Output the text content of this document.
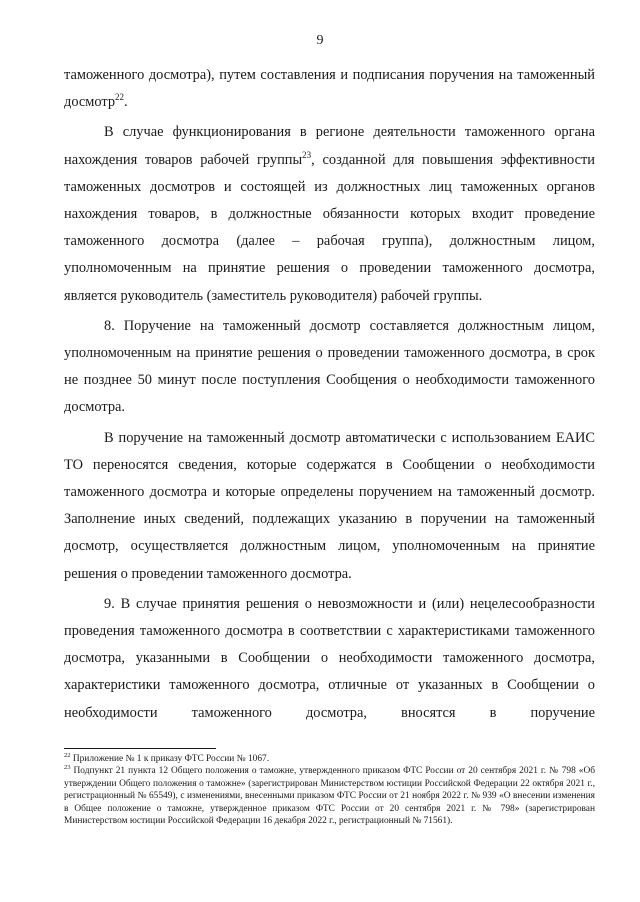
9

таможенного досмотра), путем составления и подписания поручения на таможенный досмотр$^{22}$.

В случае функционирования в регионе деятельности таможенного органа нахождения товаров рабочей группы$^{23}$, созданной для повышения эффективности таможенных досмотров и состоящей из должностных лиц таможенных органов нахождения товаров, в должностные обязанности которых входит проведение таможенного досмотра (далее – рабочая группа), должностным лицом, уполномоченным на принятие решения о проведении таможенного досмотра, является руководитель (заместитель руководителя) рабочей группы.

8. Поручение на таможенный досмотр составляется должностным лицом, уполномоченным на принятие решения о проведении таможенного досмотра, в срок не позднее 50 минут после поступления Сообщения о необходимости таможенного досмотра.

В поручение на таможенный досмотр автоматически с использованием ЕАИС ТО переносятся сведения, которые содержатся в Сообщении о необходимости таможенного досмотра и которые определены поручением на таможенный досмотр. Заполнение иных сведений, подлежащих указанию в поручении на таможенный досмотр, осуществляется должностным лицом, уполномоченным на принятие решения о проведении таможенного досмотра.

9. В случае принятия решения о невозможности и (или) нецелесообразности проведения таможенного досмотра в соответствии с характеристиками таможенного досмотра, указанными в Сообщении о необходимости таможенного досмотра, характеристики таможенного досмотра, отличные от указанных в Сообщении о необходимости таможенного досмотра, вносятся в поручение

$^{22}$ Приложение № 1 к приказу ФТС России № 1067.

$^{23}$ Подпункт 21 пункта 12 Общего положения о таможне, утвержденного приказом ФТС России от 20 сентября 2021 г. № 798 «Об утверждении Общего положения о таможне» (зарегистрирован Министерством юстиции Российской Федерации 22 октября 2021 г., регистрационный № 65549), с изменениями, внесенными приказом ФТС России от 21 ноября 2022 г. № 939 «О внесении изменения в Общее положение о таможне, утвержденное приказом ФТС России от 20 сентября 2021 г. № 798» (зарегистрирован Министерством юстиции Российской Федерации 16 декабря 2022 г., регистрационный № 71561).
